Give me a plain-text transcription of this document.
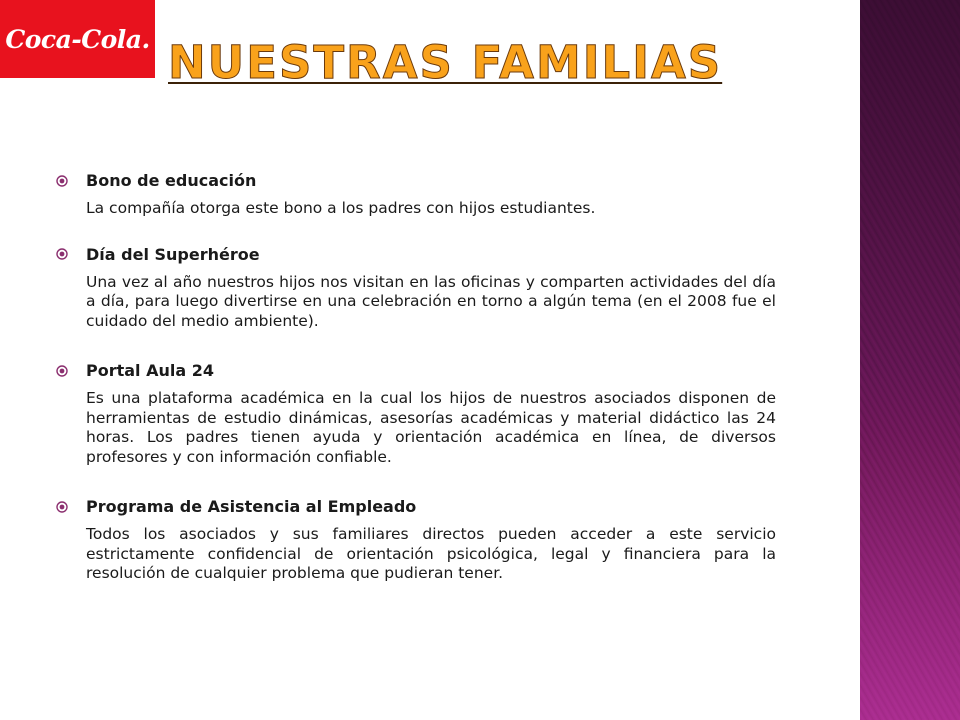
Coca-Cola. NUESTRAS FAMILIAS
Bono de educación
La compañía otorga este bono a los padres con hijos estudiantes.
Día del Superhéroe
Una vez al año nuestros hijos nos visitan en las oficinas y comparten actividades del día a día, para luego divertirse en una celebración en torno a algún tema (en el 2008 fue el cuidado del medio ambiente).
Portal Aula 24
Es una plataforma académica en la cual los hijos de nuestros asociados disponen de herramientas de estudio dinámicas, asesorías académicas y material didáctico las 24 horas. Los padres tienen ayuda y orientación académica en línea, de diversos profesores y con información confiable.
Programa de Asistencia al Empleado
Todos los asociados y sus familiares directos pueden acceder a este servicio estrictamente confidencial de orientación psicológica, legal y financiera para la resolución de cualquier problema que pudieran tener.
